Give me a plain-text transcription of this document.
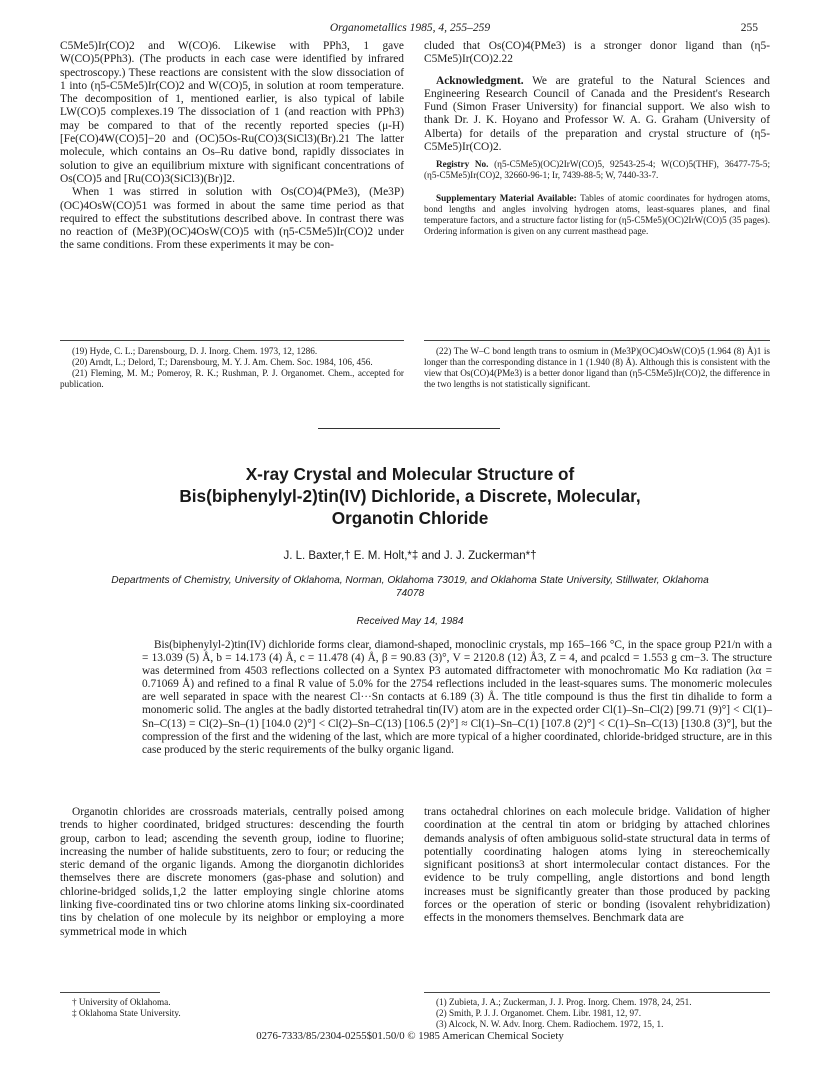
Organometallics 1985, 4, 255–259	255

C5Me5)Ir(CO)2 and W(CO)6. Likewise with PPh3, 1 gave W(CO)5(PPh3). (The products in each case were identified by infrared spectroscopy.) These reactions are consistent with the slow dissociation of 1 into (η5-C5Me5)Ir(CO)2 and W(CO)5, in solution at room temperature. The decomposition of 1, mentioned earlier, is also typical of labile LW(CO)5 complexes.19 The dissociation of 1 (and reaction with PPh3) may be compared to that of the recently reported species (μ-H)[Fe(CO)4W(CO)5]−20 and (OC)5Os-Ru(CO)3(SiCl3)(Br).21 The latter molecule, which contains an Os–Ru dative bond, rapidly dissociates in solution to give an equilibrium mixture with significant concentrations of Os(CO)5 and [Ru(CO)3(SiCl3)(Br)]2.

When 1 was stirred in solution with Os(CO)4(PMe3), (Me3P)(OC)4OsW(CO)51 was formed in about the same time period as that required to effect the substitutions described above. In contrast there was no reaction of (Me3P)(OC)4OsW(CO)5 with (η5-C5Me5)Ir(CO)2 under the same conditions. From these experiments it may be con-

cluded that Os(CO)4(PMe3) is a stronger donor ligand than (η5-C5Me5)Ir(CO)2.22

Acknowledgment. We are grateful to the Natural Sciences and Engineering Research Council of Canada and the President's Research Fund (Simon Fraser University) for financial support. We also wish to thank Dr. J. K. Hoyano and Professor W. A. G. Graham (University of Alberta) for details of the preparation and crystal structure of (η5-C5Me5)Ir(CO)2.

Registry No. (η5-C5Me5)(OC)2IrW(CO)5, 92543-25-4; W(CO)5(THF), 36477-75-5; (η5-C5Me5)Ir(CO)2, 32660-96-1; Ir, 7439-88-5; W, 7440-33-7.

Supplementary Material Available: Tables of atomic coordinates for hydrogen atoms, bond lengths and angles involving hydrogen atoms, least-squares planes, and final temperature factors, and a structure factor listing for (η5-C5Me5)(OC)2IrW(CO)5 (35 pages). Ordering information is given on any current masthead page.

(19) Hyde, C. L.; Darensbourg, D. J. Inorg. Chem. 1973, 12, 1286.

(20) Arndt, L.; Delord, T.; Darensbourg, M. Y. J. Am. Chem. Soc. 1984, 106, 456.

(21) Fleming, M. M.; Pomeroy, R. K.; Rushman, P. J. Organomet. Chem., accepted for publication.

(22) The W–C bond length trans to osmium in (Me3P)(OC)4OsW(CO)5 (1.964 (8) Å)1 is longer than the corresponding distance in 1 (1.940 (8) Å). Although this is consistent with the view that Os(CO)4(PMe3) is a better donor ligand than (η5-C5Me5)Ir(CO)2, the difference in the two lengths is not statistically significant.

X-ray Crystal and Molecular Structure of
Bis(biphenylyl-2)tin(IV) Dichloride, a Discrete, Molecular,
Organotin Chloride
J. L. Baxter,† E. M. Holt,*‡ and J. J. Zuckerman*†
Departments of Chemistry, University of Oklahoma, Norman, Oklahoma 73019, and Oklahoma State University, Stillwater, Oklahoma 74078
Received May 14, 1984

Bis(biphenylyl-2)tin(IV) dichloride forms clear, diamond-shaped, monoclinic crystals, mp 165–166 °C, in the space group P21/n with a = 13.039 (5) Å, b = 14.173 (4) Å, c = 11.478 (4) Å, β = 90.83 (3)°, V = 2120.8 (12) Å3, Z = 4, and ρcalcd = 1.553 g cm−3. The structure was determined from 4503 reflections collected on a Syntex P3 automated diffractometer with monochromatic Mo Kα radiation (λα = 0.71069 Å) and refined to a final R value of 5.0% for the 2754 reflections included in the least-squares sums. The monomeric molecules are well separated in space with the nearest Cl···Sn contacts at 6.189 (3) Å. The title compound is thus the first tin dihalide to form a monomeric solid. The angles at the badly distorted tetrahedral tin(IV) atom are in the expected order Cl(1)–Sn–Cl(2) [99.71 (9)°] < Cl(1)–Sn–C(13) = Cl(2)–Sn–(1) [104.0 (2)°] < Cl(2)–Sn–C(13) [106.5 (2)°] ≈ Cl(1)–Sn–C(1) [107.8 (2)°] < C(1)–Sn–C(13) [130.8 (3)°], but the compression of the first and the widening of the last, which are more typical of a higher coordinated, chloride-bridged structure, are in this case produced by the steric requirements of the bulky organic ligand.

Organotin chlorides are crossroads materials, centrally poised among trends to higher coordinated, bridged structures: descending the fourth group, carbon to lead; ascending the seventh group, iodine to fluorine; increasing the number of halide substituents, zero to four; or reducing the steric demand of the organic ligands. Among the diorganotin dichlorides themselves there are discrete monomers (gas-phase and solution) and chlorine-bridged solids,1,2 the latter employing single chlorine atoms linking five-coordinated tins or two chlorine atoms linking six-coordinated tins by chelation of one molecule by its neighbor or employing a more symmetrical mode in which

trans octahedral chlorines on each molecule bridge. Validation of higher coordination at the central tin atom or bridging by attached chlorines demands analysis of often ambiguous solid-state structural data in terms of potentially coordinating halogen atoms lying in stereochemically significant positions3 at short intermolecular contact distances. For the evidence to be truly compelling, angle distortions and bond length increases must be significantly greater than those produced by packing forces or the operation of steric or bonding (isovalent rehybridization) effects in the monomers themselves. Benchmark data are

† University of Oklahoma.

‡ Oklahoma State University.

(1) Zubieta, J. A.; Zuckerman, J. J. Prog. Inorg. Chem. 1978, 24, 251.

(2) Smith, P. J. J. Organomet. Chem. Libr. 1981, 12, 97.

(3) Alcock, N. W. Adv. Inorg. Chem. Radiochem. 1972, 15, 1.

0276-7333/85/2304-0255$01.50/0 © 1985 American Chemical Society
